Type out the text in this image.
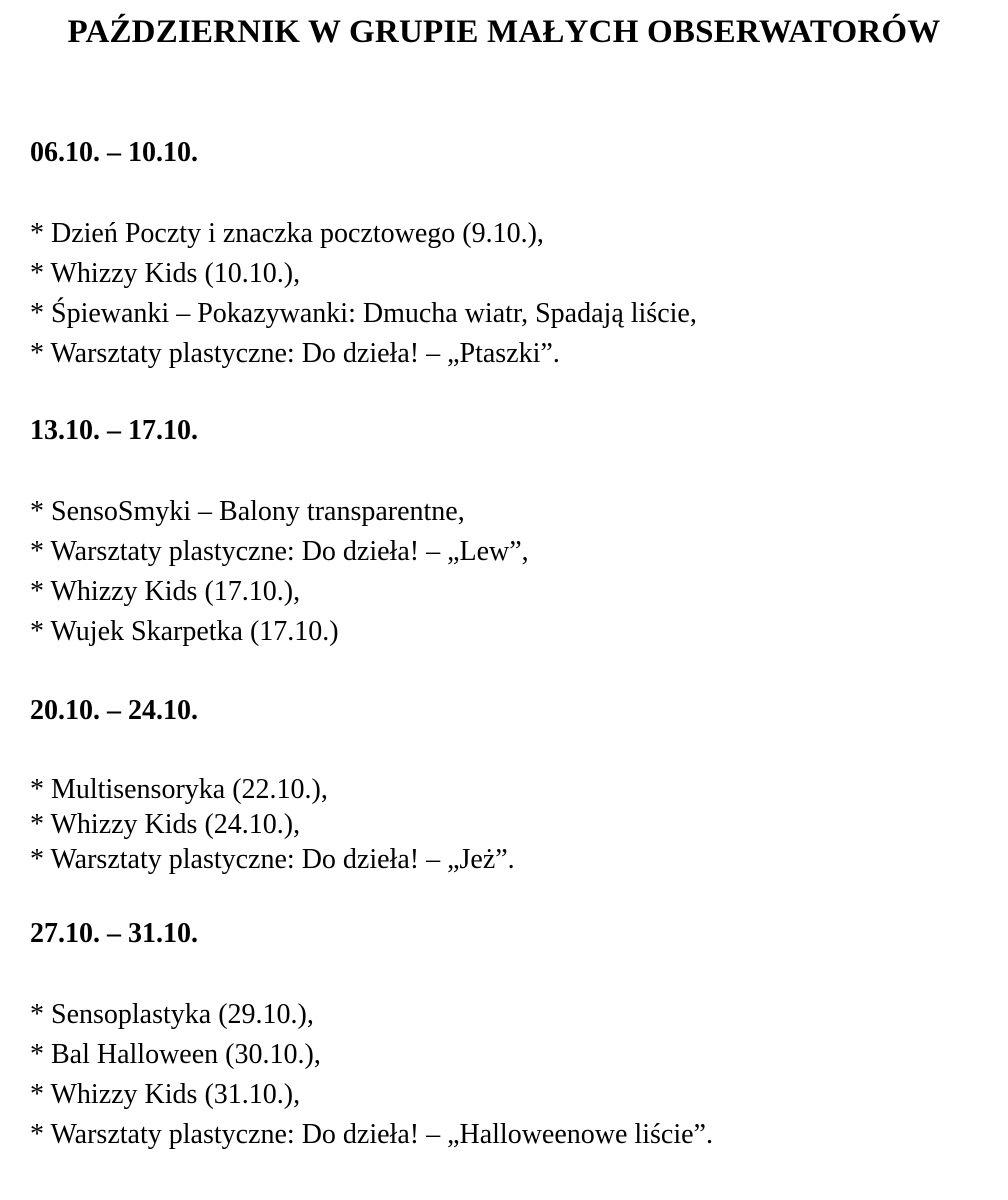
PAŹDZIERNIK W GRUPIE MAŁYCH OBSERWATORÓW
06.10. – 10.10.
* Dzień Poczty i znaczka pocztowego (9.10.),
* Whizzy Kids (10.10.),
* Śpiewanki – Pokazywanki: Dmucha wiatr, Spadają liście,
* Warsztaty plastyczne: Do dzieła! – „Ptaszki”.
13.10. – 17.10.
* SensoSmyki – Balony transparentne,
* Warsztaty plastyczne: Do dzieła! – „Lew”,
* Whizzy Kids (17.10.),
* Wujek Skarpetka (17.10.)
20.10. – 24.10.
* Multisensoryka (22.10.),
* Whizzy Kids (24.10.),
* Warsztaty plastyczne: Do dzieła! – „Jeż”.
27.10. – 31.10.
* Sensoplastyka (29.10.),
* Bal Halloween (30.10.),
* Whizzy Kids (31.10.),
* Warsztaty plastyczne: Do dzieła! – „Halloweenowe liście”.
